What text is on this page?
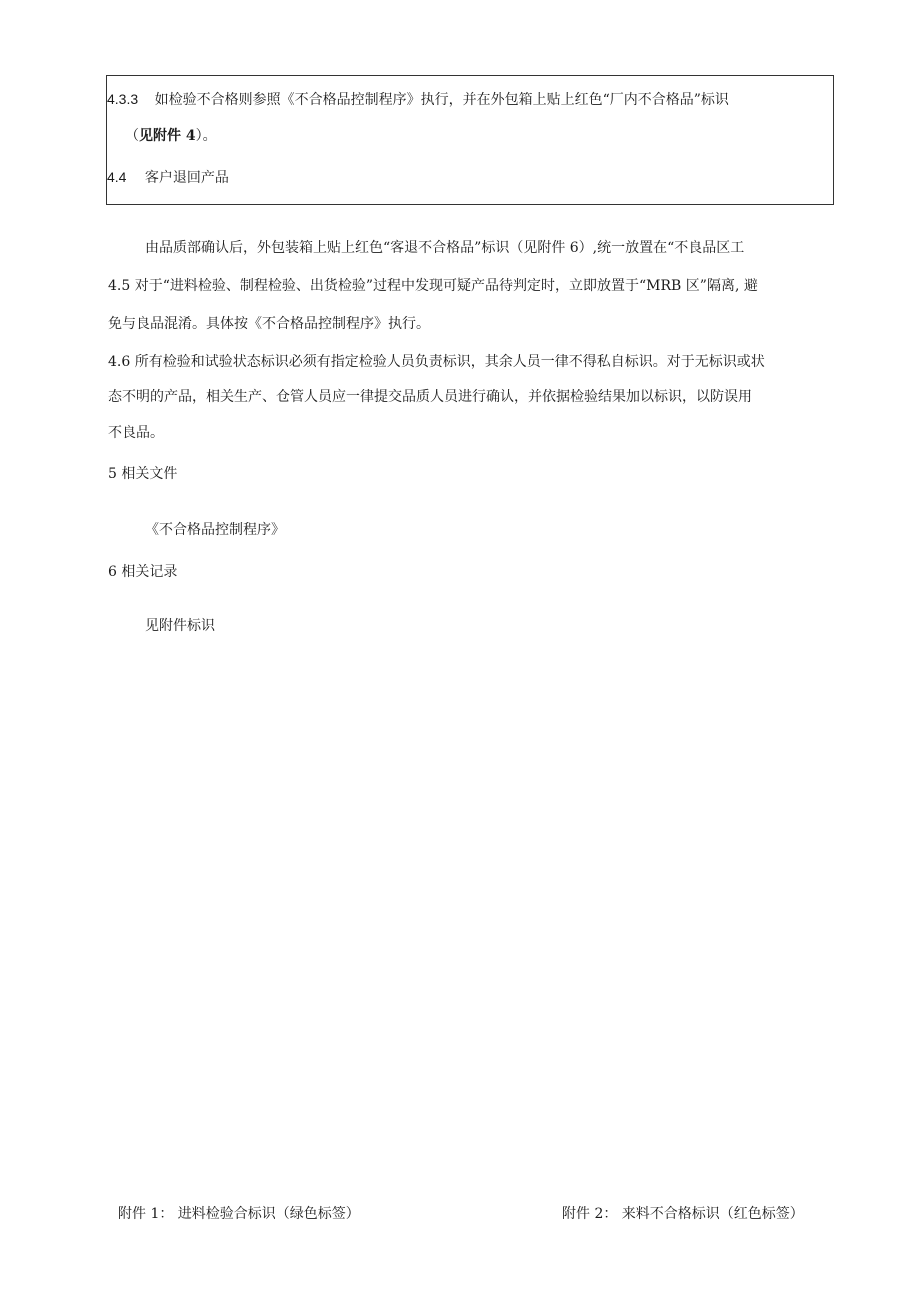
4.3.3 如检验不合格则参照《不合格品控制程序》执行，并在外包箱上贴上红色“厂内不合格品”标识
（见附件 4）。
4.4 客户退回产品
由品质部确认后，外包装箱上贴上红色“客退不合格品”标识（见附件 6）,统一放置在“不良品区工
4.5 对于“进料检验、制程检验、出货检验”过程中发现可疑产品待判定时，立即放置于“MRB 区”隔离, 避
免与良品混淆。具体按《不合格品控制程序》执行。
4.6 所有检验和试验状态标识必须有指定检验人员负责标识，其余人员一律不得私自标识。对于无标识或状
态不明的产品，相关生产、仓管人员应一律提交品质人员进行确认，并依据检验结果加以标识，以防误用
不良品。
5 相关文件
《不合格品控制程序》
6 相关记录
见附件标识
附件 1： 进料检验合标识（绿色标签）	附件 2： 来料不合格标识（红色标签）
